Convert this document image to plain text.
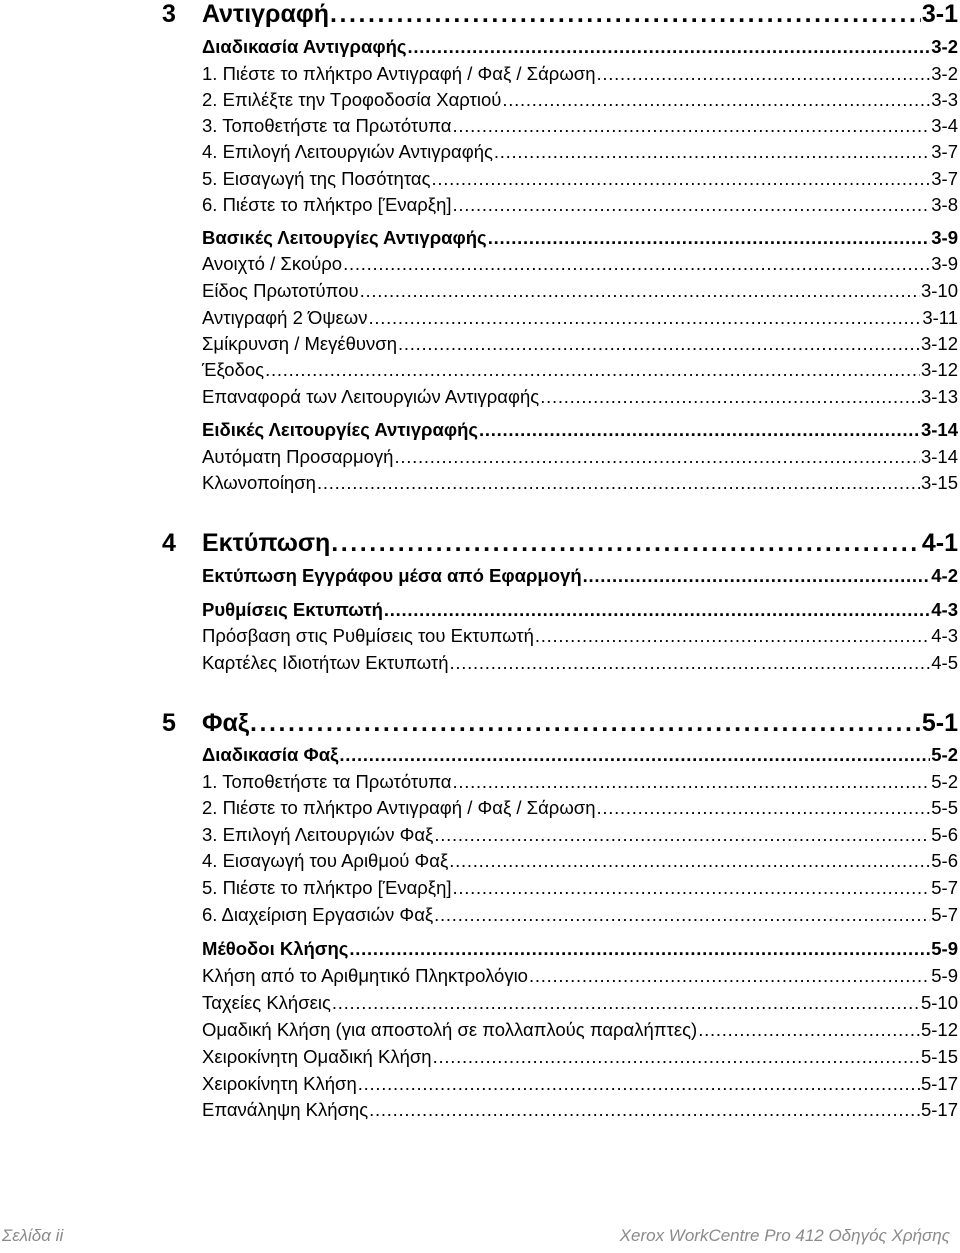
3 Αντιγραφή . . .	3-1
Διαδικασία Αντιγραφής . . .	3-2
1. Πιέστε το πλήκτρο Αντιγραφή / Φαξ / Σάρωση . . .	3-2
2. Επιλέξτε την Τροφοδοσία Χαρτιού . . .	3-3
3. Τοποθετήστε τα Πρωτότυπα . . .	3-4
4. Επιλογή Λειτουργιών Αντιγραφής . . .	3-7
5. Εισαγωγή της Ποσότητας . . .	3-7
6. Πιέστε το πλήκτρο [Έναρξη] . . .	3-8
Βασικές Λειτουργίες Αντιγραφής . . .	3-9
Ανοιχτό / Σκούρο . . .	3-9
Είδος Πρωτοτύπου . . .	3-10
Αντιγραφή 2 Όψεων . . .	3-11
Σμίκρυνση / Μεγέθυνση . . .	3-12
Έξοδος . . .	3-12
Επαναφορά των Λειτουργιών Αντιγραφής . . .	3-13
Ειδικές Λειτουργίες Αντιγραφής . . .	3-14
Αυτόματη Προσαρμογή . . .	3-14
Κλωνοποίηση . . .	3-15
4 Εκτύπωση . . .	4-1
Εκτύπωση Εγγράφου μέσα από Εφαρμογή . . .	4-2
Ρυθμίσεις Εκτυπωτή . . .	4-3
Πρόσβαση στις Ρυθμίσεις του Εκτυπωτή . . .	4-3
Καρτέλες Ιδιοτήτων Εκτυπωτή . . .	4-5
5 Φαξ . . .	5-1
Διαδικασία Φαξ . . .	5-2
1. Τοποθετήστε τα Πρωτότυπα . . .	5-2
2. Πιέστε το πλήκτρο Αντιγραφή / Φαξ / Σάρωση . . .	5-5
3. Επιλογή Λειτουργιών Φαξ . . .	5-6
4. Εισαγωγή του Αριθμού Φαξ . . .	5-6
5. Πιέστε το πλήκτρο [Έναρξη] . . .	5-7
6. Διαχείριση Εργασιών Φαξ . . .	5-7
Μέθοδοι Κλήσης . . .	5-9
Κλήση από το Αριθμητικό Πληκτρολόγιο . . .	5-9
Ταχείες Κλήσεις . . .	5-10
Ομαδική Κλήση (για αποστολή σε πολλαπλούς παραλήπτες) . . .	5-12
Χειροκίνητη Ομαδική Κλήση . . .	5-15
Χειροκίνητη Κλήση . . .	5-17
Επανάληψη Κλήσης . . .	5-17
Σελίδα ii	Xerox WorkCentre Pro 412 Οδηγός Χρήσης
